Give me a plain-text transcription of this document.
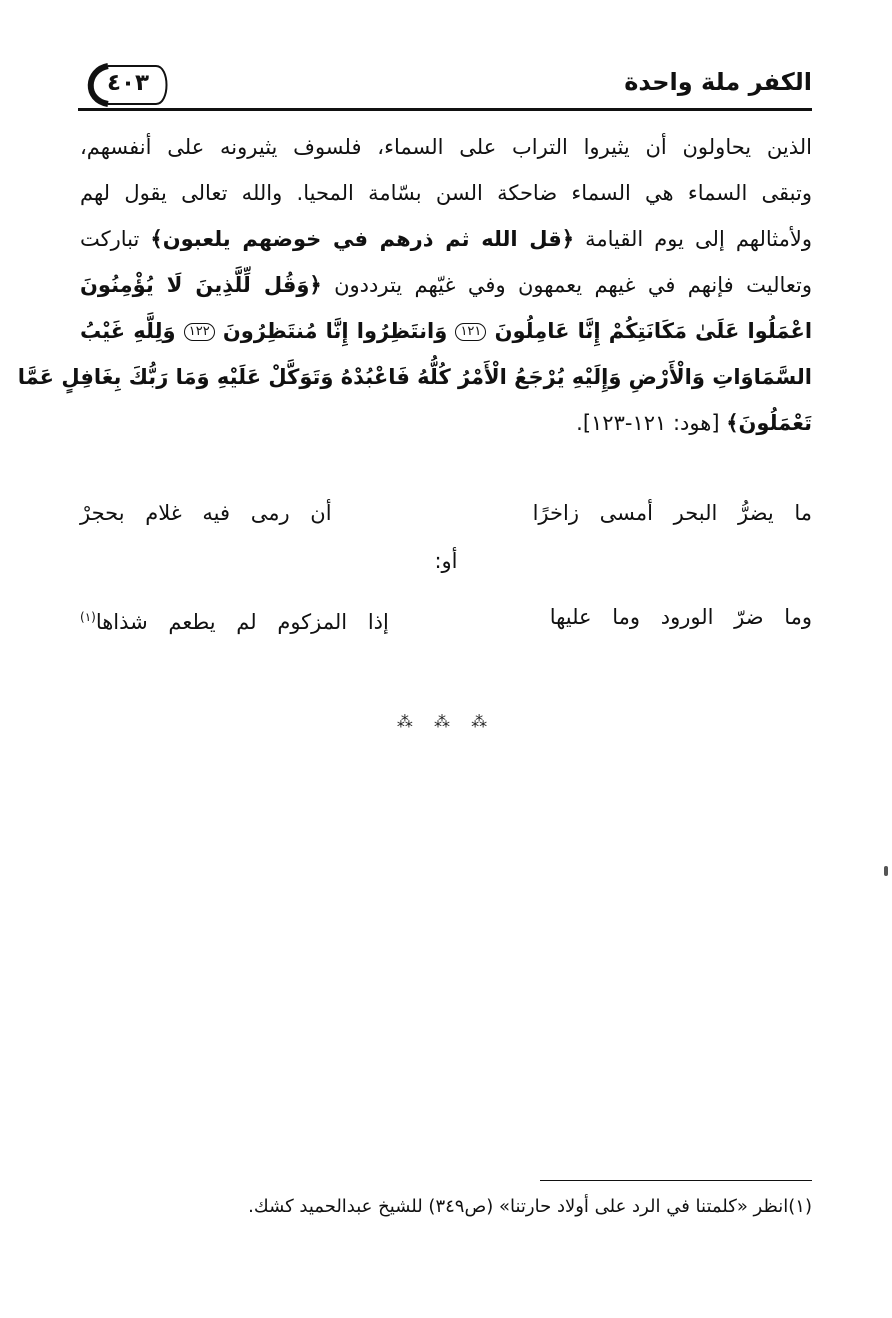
الكفر ملة واحدة
٤٠٣
الذين يحاولون أن يثيروا التراب على السماء، فلسوف يثيرونه على أنفسهم،
وتبقى السماء هي السماء ضاحكة السن بسّامة المحيا. والله تعالى يقول لهم
ولأمثالهم إلى يوم القيامة ﴿قل الله ثم ذرهم في خوضهم يلعبون﴾ تباركت
وتعاليت فإنهم في غيهم يعمهون وفي غيّهم يترددون ﴿وَقُل لِّلَّذِينَ لَا يُؤْمِنُونَ
اعْمَلُوا عَلَىٰ مَكَانَتِكُمْ إِنَّا عَامِلُونَ ١٢١ وَانتَظِرُوا إِنَّا مُنتَظِرُونَ ١٢٢ وَلِلَّهِ غَيْبُ
السَّمَاوَاتِ وَالْأَرْضِ وَإِلَيْهِ يُرْجَعُ الْأَمْرُ كُلُّهُ فَاعْبُدْهُ وَتَوَكَّلْ عَلَيْهِ وَمَا رَبُّكَ بِغَافِلٍ عَمَّا
تَعْمَلُونَ﴾ [هود: ١٢١-١٢٣].
ما يضرُّ البحر أمسى زاخرًا
أن رمى فيه غلام بحجرْ
أو:
وما ضرّ الورود وما عليها
إذا المزكوم لم يطعم شذاها$^{(١)}$
⁂ ⁂ ⁂
(١)انظر «كلمتنا في الرد على أولاد حارتنا» (ص٣٤٩) للشيخ عبدالحميد كشك.
